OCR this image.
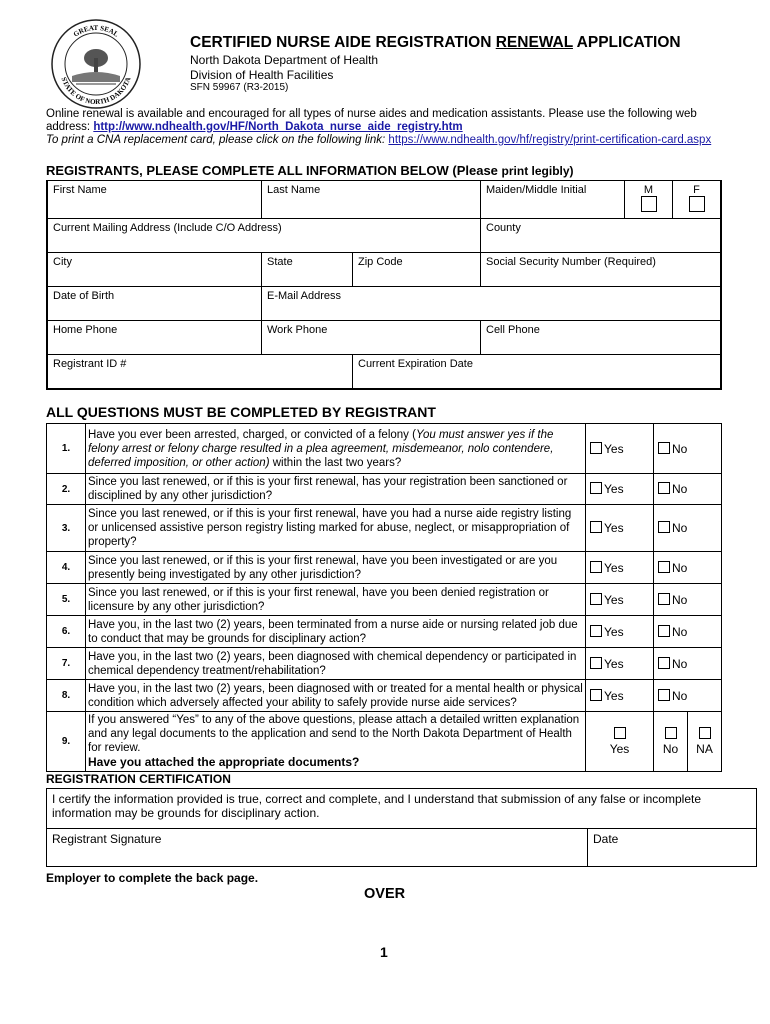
GREAT SEAL
STATE OF NORTH DAKOTA
CERTIFIED NURSE AIDE REGISTRATION RENEWAL APPLICATION
North Dakota Department of Health
Division of Health Facilities
SFN 59967 (R3-2015)
Online renewal is available and encouraged for all types of nurse aides and medication assistants. Please use the following web address: http://www.ndhealth.gov/HF/North_Dakota_nurse_aide_registry.htm
To print a CNA replacement card, please click on the following link: https://www.ndhealth.gov/hf/registry/print-certification-card.aspx
REGISTRANTS, PLEASE COMPLETE ALL INFORMATION BELOW (Please print legibly)
First Name	Last Name		Maiden/Middle Initial	M	F

Current Mailing Address (Include C/O Address)			County		
City	State	Zip Code	Social Security Number (Required)		
Date of Birth	E-Mail Address				
Home Phone	Work Phone		Cell Phone		
Registrant ID #		Current Expiration Date			
ALL QUESTIONS MUST BE COMPLETED BY REGISTRANT
1.	Have you ever been arrested, charged, or convicted of a felony (You must answer yes if the felony arrest or felony charge resulted in a plea agreement, misdemeanor, nolo contendere, deferred imposition, or other action) within the last two years?	Yes	No	
2.	Since you last renewed, or if this is your first renewal, has your registration been sanctioned or disciplined by any other jurisdiction?	Yes	No	
3.	Since you last renewed, or if this is your first renewal, have you had a nurse aide registry listing or unlicensed assistive person registry listing marked for abuse, neglect, or misappropriation of property?	Yes	No	
4.	Since you last renewed, or if this is your first renewal, have you been investigated or are you presently being investigated by any other jurisdiction?	Yes	No	
5.	Since you last renewed, or if this is your first renewal, have you been denied registration or licensure by any other jurisdiction?	Yes	No	
6.	Have you, in the last two (2) years, been terminated from a nurse aide or nursing related job due to conduct that may be grounds for disciplinary action?	Yes	No	
7.	Have you, in the last two (2) years, been diagnosed with chemical dependency or participated in chemical dependency treatment/rehabilitation?	Yes	No	
8.	Have you, in the last two (2) years, been diagnosed with or treated for a mental health or physical condition which adversely affected your ability to safely provide nurse aide services?	Yes	No	
9.	If you answered “Yes” to any of the above questions, please attach a detailed written explanation and any legal documents to the application and send to the North Dakota Department of Health for review.
Have you attached the appropriate documents?	Yes	No	NA
REGISTRATION CERTIFICATION
I certify the information provided is true, correct and complete, and I understand that submission of any false or incomplete information may be grounds for disciplinary action.
Registrant Signature	Date
Employer to complete the back page.
OVER
1
